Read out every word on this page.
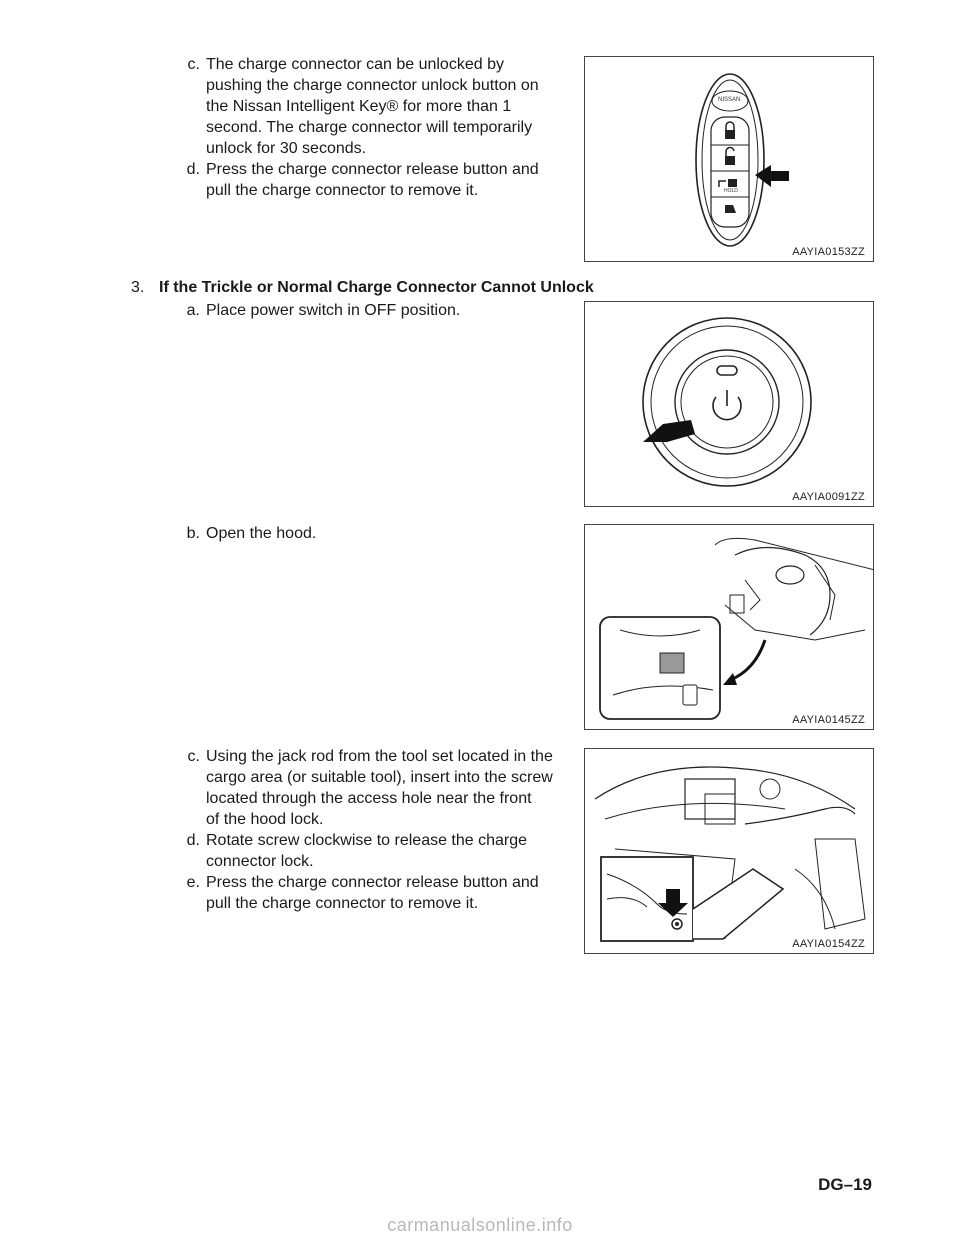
c. The charge connector can be unlocked by
pushing the charge connector unlock button on
the Nissan Intelligent Key® for more than 1
second. The charge connector will temporarily
unlock for 30 seconds.
d. Press the charge connector release button and
pull the charge connector to remove it.
NISSAN
HOLD
AAYIA0153ZZ
3. If the Trickle or Normal Charge Connector Cannot Unlock
a. Place power switch in OFF position.
AAYIA0091ZZ
b. Open the hood.
AAYIA0145ZZ
c. Using the jack rod from the tool set located in the
cargo area (or suitable tool), insert into the screw
located through the access hole near the front
of the hood lock.
d. Rotate screw clockwise to release the charge
connector lock.
e. Press the charge connector release button and
pull the charge connector to remove it.
AAYIA0154ZZ
DG–19
carmanualsonline.info
